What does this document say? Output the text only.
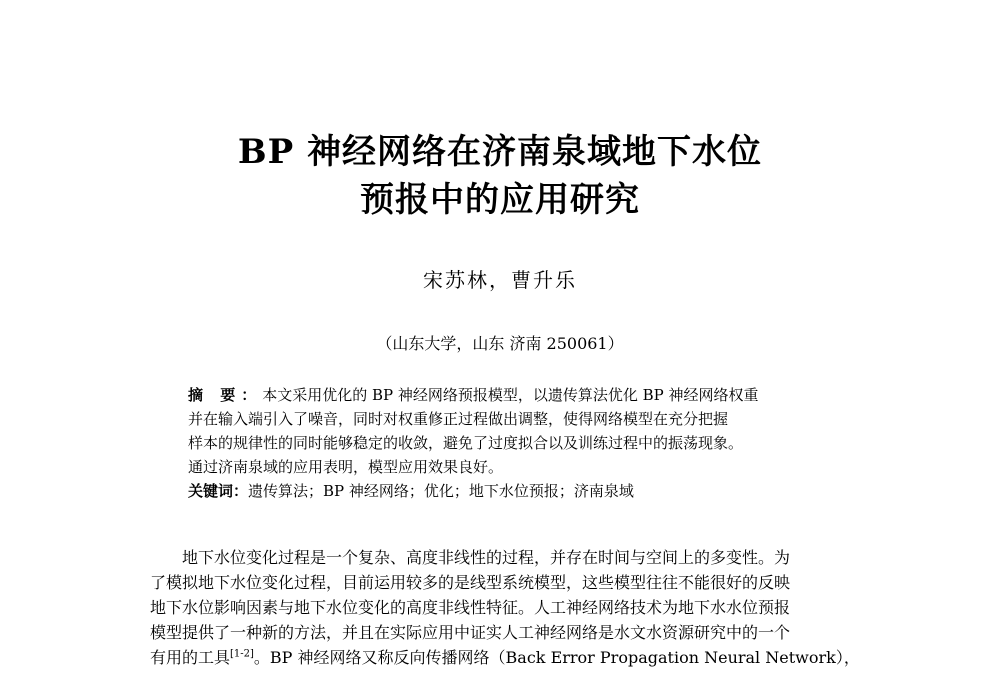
BP 神经网络在济南泉域地下水位
预报中的应用研究
宋苏林，曹升乐
（山东大学，山东 济南 250061）
摘 要：本文采用优化的 BP 神经网络预报模型，以遗传算法优化 BP 神经网络权重
并在输入端引入了噪音，同时对权重修正过程做出调整，使得网络模型在充分把握
样本的规律性的同时能够稳定的收敛，避免了过度拟合以及训练过程中的振荡现象。
通过济南泉域的应用表明，模型应用效果良好。
关键词：遗传算法；BP 神经网络；优化；地下水位预报；济南泉域
地下水位变化过程是一个复杂、高度非线性的过程，并存在时间与空间上的多变性。为
了模拟地下水位变化过程，目前运用较多的是线型系统模型，这些模型往往不能很好的反映
地下水位影响因素与地下水位变化的高度非线性特征。人工神经网络技术为地下水水位预报
模型提供了一种新的方法，并且在实际应用中证实人工神经网络是水文水资源研究中的一个
有用的工具[1-2]。BP 神经网络又称反向传播网络（Back Error Propagation Neural Network），
